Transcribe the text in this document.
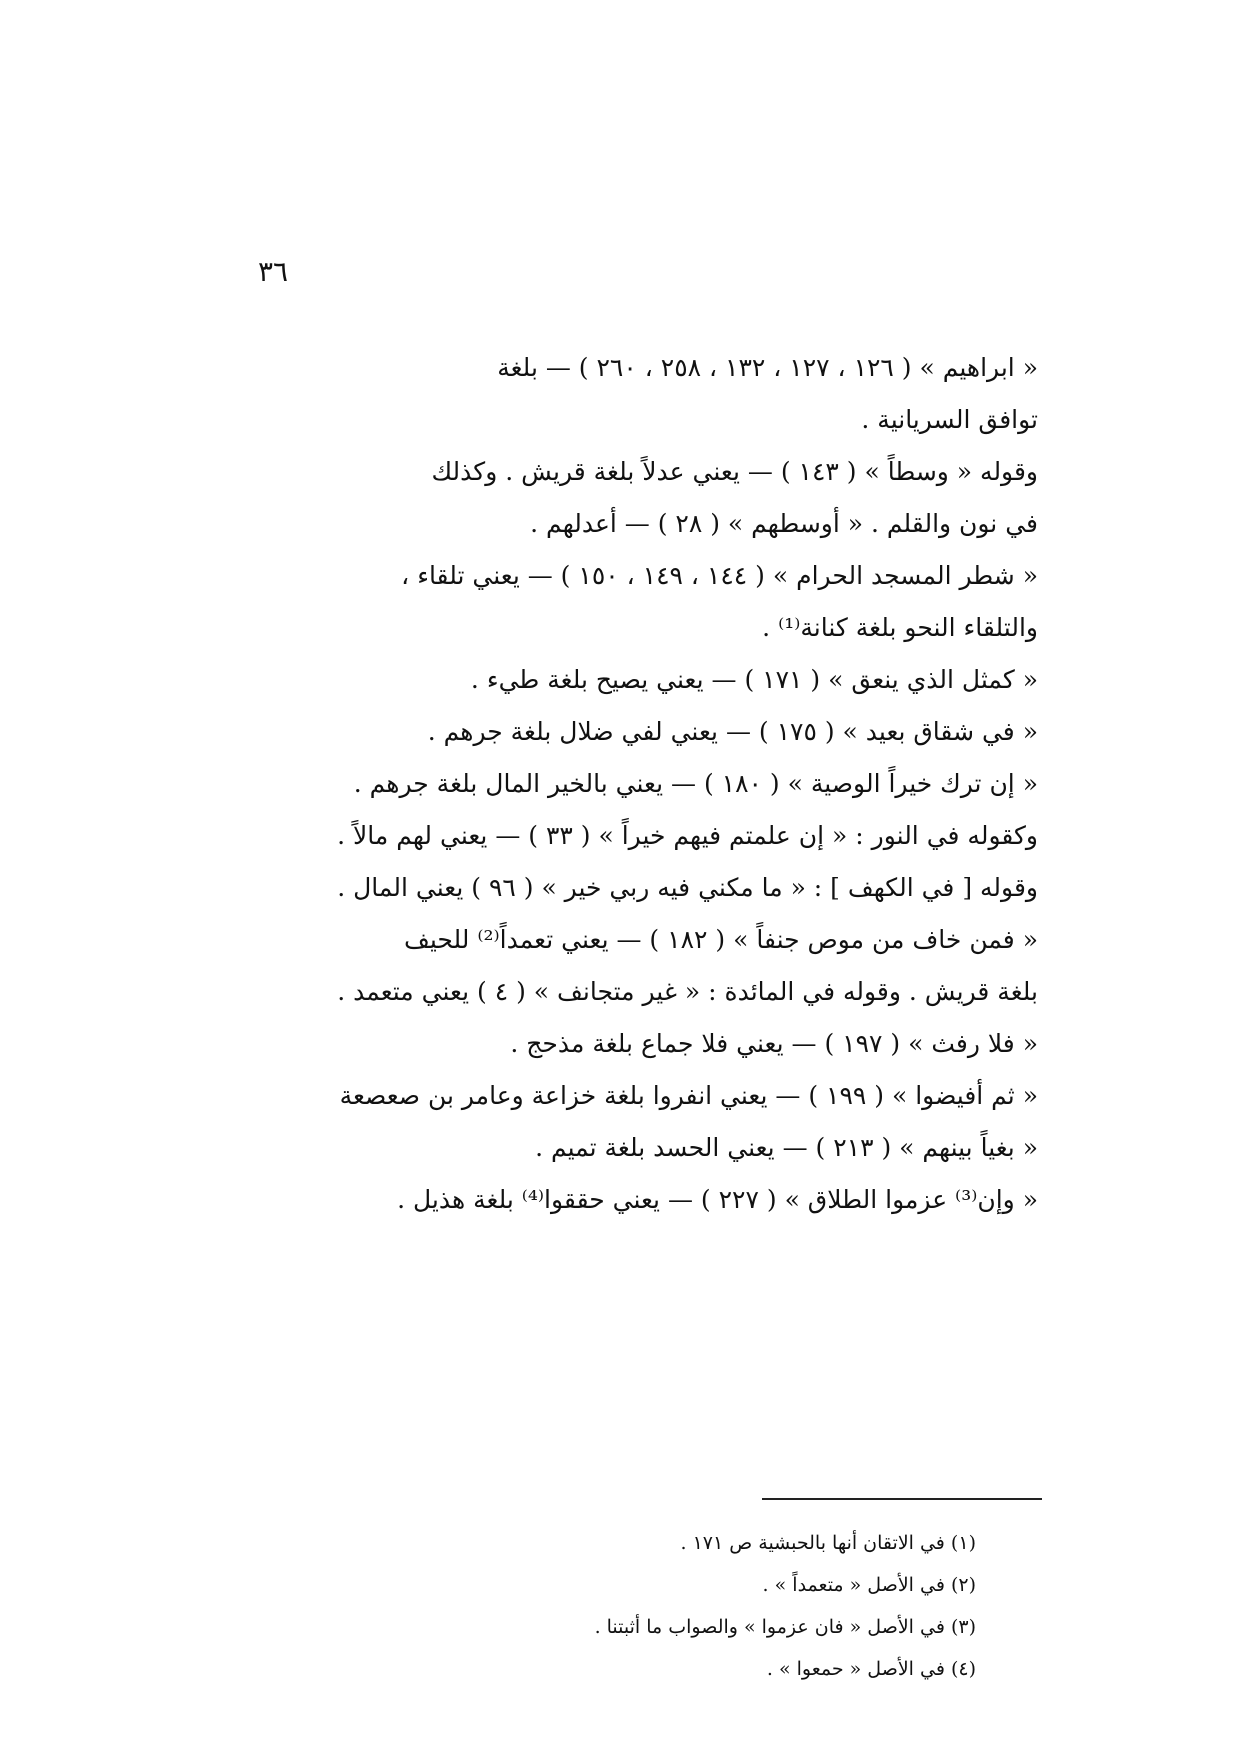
٣٦
« ابراهيم » ( ١٢٦ ، ١٢٧ ، ١٣٢ ، ٢٥٨ ، ٢٦٠ ) — بلغة
توافق السريانية .
وقوله « وسطاً » ( ١٤٣ ) — يعني عدلاً بلغة قريش . وكذلك
في نون والقلم . « أوسطهم » ( ٢٨ ) — أعدلهم .
« شطر المسجد الحرام » ( ١٤٤ ، ١٤٩ ، ١٥٠ ) — يعني تلقاء ،
والتلقاء النحو بلغة كنانة⁽¹⁾ .
« كمثل الذي ينعق » ( ١٧١ ) — يعني يصيح بلغة طيء .
« في شقاق بعيد » ( ١٧٥ ) — يعني لفي ضلال بلغة جرهم .
« إن ترك خيراً الوصية » ( ١٨٠ ) — يعني بالخير المال بلغة جرهم .
وكقوله في النور : « إن علمتم فيهم خيراً » ( ٣٣ ) — يعني لهم مالاً .
وقوله [ في الكهف ] : « ما مكني فيه ربي خير » ( ٩٦ ) يعني المال .
« فمن خاف من موص جنفاً » ( ١٨٢ ) — يعني تعمداً⁽²⁾ للحيف
بلغة قريش . وقوله في المائدة : « غير متجانف » ( ٤ ) يعني متعمد .
« فلا رفث » ( ١٩٧ ) — يعني فلا جماع بلغة مذحج .
« ثم أفيضوا » ( ١٩٩ ) — يعني انفروا بلغة خزاعة وعامر بن صعصعة
« بغياً بينهم » ( ٢١٣ ) — يعني الحسد بلغة تميم .
« وإن⁽³⁾ عزموا الطلاق » ( ٢٢٧ ) — يعني حققوا⁽⁴⁾ بلغة هذيل .
(١) في الاتقان أنها بالحبشية ص ١٧١ .
(٢) في الأصل « متعمداً » .
(٣) في الأصل « فان عزموا » والصواب ما أثبتنا .
(٤) في الأصل « حمعوا » .
